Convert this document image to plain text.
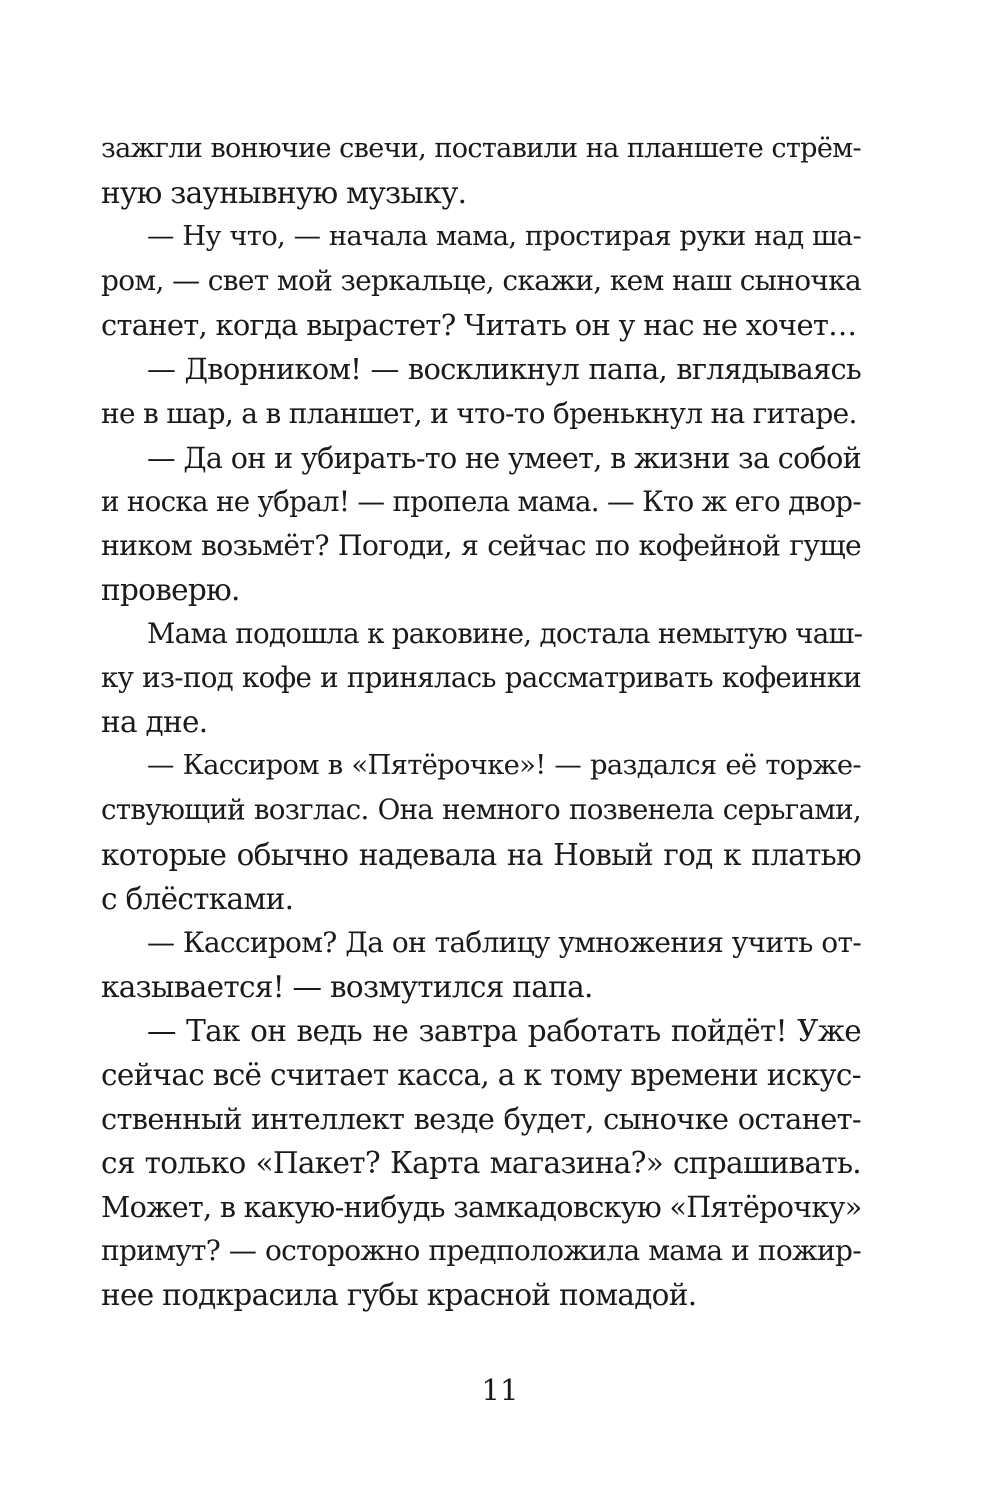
зажгли вонючие свечи, поставили на планшете стрём-
ную заунывную музыку.
— Ну что, — начала мама, простирая руки над ша-
ром, — свет мой зеркальце, скажи, кем наш сыночка
станет, когда вырастет? Читать он у нас не хочет…
— Дворником! — воскликнул папа, вглядываясь
не в шар, а в планшет, и что-то бренькнул на гитаре.
— Да он и убирать-то не умеет, в жизни за собой
и носка не убрал! — пропела мама. — Кто ж его двор-
ником возьмёт? Погоди, я сейчас по кофейной гуще
проверю.
Мама подошла к раковине, достала немытую чаш-
ку из-под кофе и принялась рассматривать кофеинки
на дне.
— Кассиром в «Пятёрочке»! — раздался её торже-
ствующий возглас. Она немного позвенела серьгами,
которые обычно надевала на Новый год к платью
с блёстками.
— Кассиром? Да он таблицу умножения учить от-
казывается! — возмутился папа.
— Так он ведь не завтра работать пойдёт! Уже
сейчас всё считает касса, а к тому времени искус-
ственный интеллект везде будет, сыночке останет-
ся только «Пакет? Карта магазина?» спрашивать.
Может, в какую-нибудь замкадовскую «Пятёрочку»
примут? — осторожно предположила мама и пожир-
нее подкрасила губы красной помадой.
11
